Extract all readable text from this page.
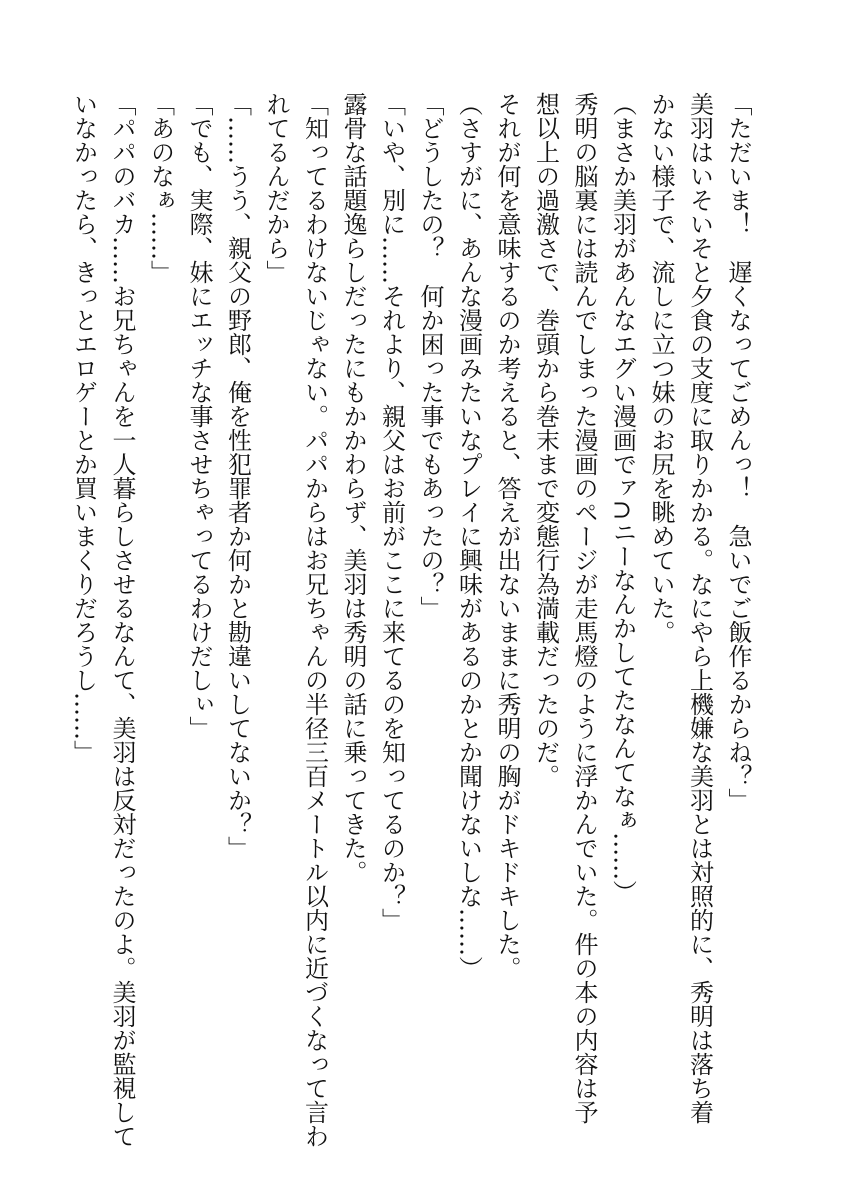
「ただいま！　遅くなってごめんっ！　急いでご飯作るからね？」
美羽はいそいそと夕食の支度に取りかかる。なにやら上機嫌な美羽とは対照的に、秀明は落ち着
かない様子で、流しに立つ妹のお尻を眺めていた。
（まさか美羽があんなエグい漫画でァ∩ニーなんかしてたなんてなぁ……）
秀明の脳裏には読んでしまった漫画のページが走馬燈のように浮かんでいた。件の本の内容は予
想以上の過激さで、巻頭から巻末まで変態行為満載だったのだ。
それが何を意味するのか考えると、答えが出ないままに秀明の胸がドキドキした。
（さすがに、あんな漫画みたいなプレイに興味があるのかとか聞けないしな……）
「どうしたの？　何か困った事でもあったの？」
「いや、別に……それより、親父はお前がここに来てるのを知ってるのか？」
露骨な話題逸らしだったにもかかわらず、美羽は秀明の話に乗ってきた。
「知ってるわけないじゃない。パパからはお兄ちゃんの半径三百メートル以内に近づくなって言わ
れてるんだから」
「……うう、親父の野郎、俺を性犯罪者か何かと勘違いしてないか？」
「でも、実際、妹にエッチな事させちゃってるわけだしぃ」
「あのなぁ……」
「パパのバカ……お兄ちゃんを一人暮らしさせるなんて、美羽は反対だったのよ。美羽が監視して
いなかったら、きっとエロゲーとか買いまくりだろうし……」
